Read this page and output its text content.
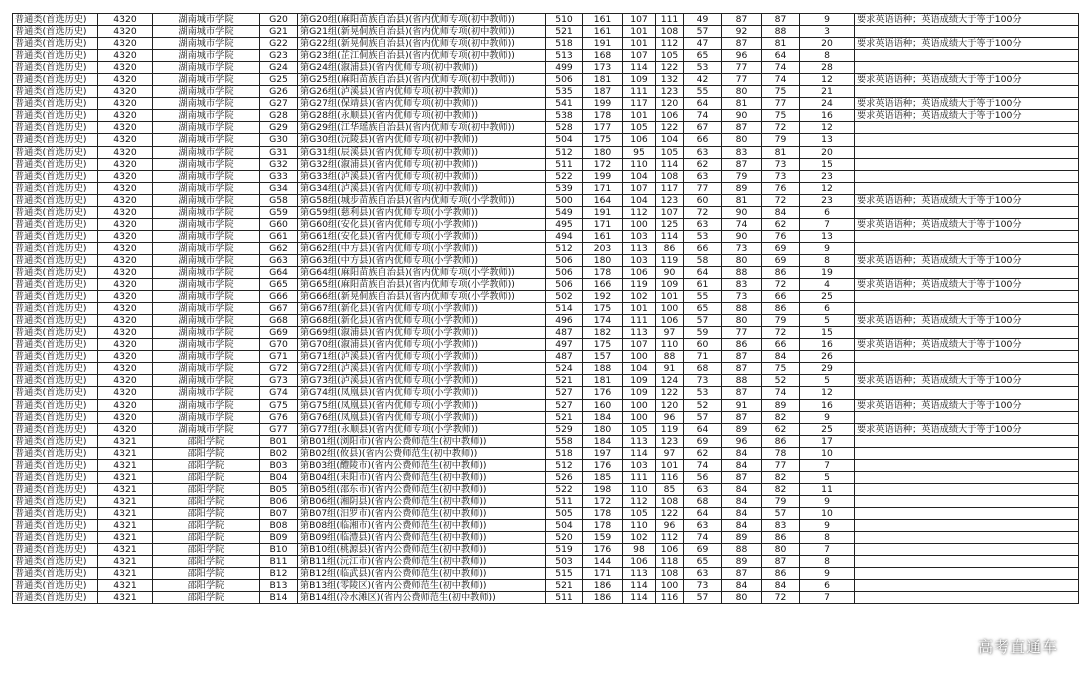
普通类(首选历史)	4320	湖南城市学院	G20	第G20组(麻阳苗族自治县)(省内优师专项(初中教师))	510	161	107	111	49	87	87	9	要求英语语种；英语成绩大于等于100分
普通类(首选历史)	4320	湖南城市学院	G21	第G21组(新晃侗族自治县)(省内优师专项(初中教师))	521	161	101	108	57	92	88	3	
普通类(首选历史)	4320	湖南城市学院	G22	第G22组(新晃侗族自治县)(省内优师专项(初中教师))	518	191	101	112	47	87	81	20	要求英语语种；英语成绩大于等于100分
普通类(首选历史)	4320	湖南城市学院	G23	第G23组(芷江侗族自治县)(省内优师专项(初中教师))	513	168	107	105	65	96	64	8	
普通类(首选历史)	4320	湖南城市学院	G24	第G24组(溆浦县)(省内优师专项(初中教师))	499	173	114	122	53	77	74	28	
普通类(首选历史)	4320	湖南城市学院	G25	第G25组(麻阳苗族自治县)(省内优师专项(初中教师))	506	181	109	132	42	77	74	12	要求英语语种；英语成绩大于等于100分
普通类(首选历史)	4320	湖南城市学院	G26	第G26组(泸溪县)(省内优师专项(初中教师))	535	187	111	123	55	80	75	21	
普通类(首选历史)	4320	湖南城市学院	G27	第G27组(保靖县)(省内优师专项(初中教师))	541	199	117	120	64	81	77	24	要求英语语种；英语成绩大于等于100分
普通类(首选历史)	4320	湖南城市学院	G28	第G28组(永顺县)(省内优师专项(初中教师))	538	178	101	106	74	90	75	16	要求英语语种；英语成绩大于等于100分
普通类(首选历史)	4320	湖南城市学院	G29	第G29组(江华瑶族自治县)(省内优师专项(初中教师))	528	177	105	122	67	87	72	12	
普通类(首选历史)	4320	湖南城市学院	G30	第G30组(沅陵县)(省内优师专项(初中教师))	504	175	106	104	66	80	79	13	
普通类(首选历史)	4320	湖南城市学院	G31	第G31组(辰溪县)(省内优师专项(初中教师))	512	180	95	105	63	83	81	20	
普通类(首选历史)	4320	湖南城市学院	G32	第G32组(溆浦县)(省内优师专项(初中教师))	511	172	110	114	62	87	73	15	
普通类(首选历史)	4320	湖南城市学院	G33	第G33组(泸溪县)(省内优师专项(初中教师))	522	199	104	108	63	79	73	23	
普通类(首选历史)	4320	湖南城市学院	G34	第G34组(泸溪县)(省内优师专项(初中教师))	539	171	107	117	77	89	76	12	
普通类(首选历史)	4320	湖南城市学院	G58	第G58组(城步苗族自治县)(省内优师专项(小学教师))	500	164	104	123	60	81	72	23	要求英语语种；英语成绩大于等于100分
普通类(首选历史)	4320	湖南城市学院	G59	第G59组(慈利县)(省内优师专项(小学教师))	549	191	112	107	72	90	84	6	
普通类(首选历史)	4320	湖南城市学院	G60	第G60组(安化县)(省内优师专项(小学教师))	495	171	100	125	63	74	62	7	要求英语语种；英语成绩大于等于100分
普通类(首选历史)	4320	湖南城市学院	G61	第G61组(安化县)(省内优师专项(小学教师))	494	161	103	114	53	90	76	13	
普通类(首选历史)	4320	湖南城市学院	G62	第G62组(中方县)(省内优师专项(小学教师))	512	203	113	86	66	73	69	9	
普通类(首选历史)	4320	湖南城市学院	G63	第G63组(中方县)(省内优师专项(小学教师))	506	180	103	119	58	80	69	8	要求英语语种；英语成绩大于等于100分
普通类(首选历史)	4320	湖南城市学院	G64	第G64组(麻阳苗族自治县)(省内优师专项(小学教师))	506	178	106	90	64	88	86	19	
普通类(首选历史)	4320	湖南城市学院	G65	第G65组(麻阳苗族自治县)(省内优师专项(小学教师))	506	166	119	109	61	83	72	4	要求英语语种；英语成绩大于等于100分
普通类(首选历史)	4320	湖南城市学院	G66	第G66组(新晃侗族自治县)(省内优师专项(小学教师))	502	192	102	101	55	73	66	25	
普通类(首选历史)	4320	湖南城市学院	G67	第G67组(新化县)(省内优师专项(小学教师))	514	175	101	100	65	88	86	6	
普通类(首选历史)	4320	湖南城市学院	G68	第G68组(新化县)(省内优师专项(小学教师))	496	174	111	106	57	80	79	5	要求英语语种；英语成绩大于等于100分
普通类(首选历史)	4320	湖南城市学院	G69	第G69组(溆浦县)(省内优师专项(小学教师))	487	182	113	97	59	77	72	15	
普通类(首选历史)	4320	湖南城市学院	G70	第G70组(溆浦县)(省内优师专项(小学教师))	497	175	107	110	60	86	66	16	要求英语语种；英语成绩大于等于100分
普通类(首选历史)	4320	湖南城市学院	G71	第G71组(泸溪县)(省内优师专项(小学教师))	487	157	100	88	71	87	84	26	
普通类(首选历史)	4320	湖南城市学院	G72	第G72组(泸溪县)(省内优师专项(小学教师))	524	188	104	91	68	87	75	29	
普通类(首选历史)	4320	湖南城市学院	G73	第G73组(泸溪县)(省内优师专项(小学教师))	521	181	109	124	73	88	52	5	要求英语语种；英语成绩大于等于100分
普通类(首选历史)	4320	湖南城市学院	G74	第G74组(凤凰县)(省内优师专项(小学教师))	527	176	109	122	53	87	74	12	
普通类(首选历史)	4320	湖南城市学院	G75	第G75组(凤凰县)(省内优师专项(小学教师))	527	160	100	120	52	91	89	16	要求英语语种；英语成绩大于等于100分
普通类(首选历史)	4320	湖南城市学院	G76	第G76组(凤凰县)(省内优师专项(小学教师))	521	184	100	96	57	87	82	9	
普通类(首选历史)	4320	湖南城市学院	G77	第G77组(永顺县)(省内优师专项(小学教师))	529	180	105	119	64	89	62	25	要求英语语种；英语成绩大于等于100分
普通类(首选历史)	4321	邵阳学院	B01	第B01组(浏阳市)(省内公费师范生(初中教师))	558	184	113	123	69	96	86	17	
普通类(首选历史)	4321	邵阳学院	B02	第B02组(攸县)(省内公费师范生(初中教师))	518	197	114	97	62	84	78	10	
普通类(首选历史)	4321	邵阳学院	B03	第B03组(醴陵市)(省内公费师范生(初中教师))	512	176	103	101	74	84	77	7	
普通类(首选历史)	4321	邵阳学院	B04	第B04组(耒阳市)(省内公费师范生(初中教师))	526	185	111	116	56	87	82	5	
普通类(首选历史)	4321	邵阳学院	B05	第B05组(邵东市)(省内公费师范生(初中教师))	522	198	110	85	63	84	82	11	
普通类(首选历史)	4321	邵阳学院	B06	第B06组(湘阴县)(省内公费师范生(初中教师))	511	172	112	108	68	84	79	9	
普通类(首选历史)	4321	邵阳学院	B07	第B07组(汨罗市)(省内公费师范生(初中教师))	505	178	105	122	64	84	57	10	
普通类(首选历史)	4321	邵阳学院	B08	第B08组(临湘市)(省内公费师范生(初中教师))	504	178	110	96	63	84	83	9	
普通类(首选历史)	4321	邵阳学院	B09	第B09组(临澧县)(省内公费师范生(初中教师))	520	159	102	112	74	89	86	8	
普通类(首选历史)	4321	邵阳学院	B10	第B10组(桃源县)(省内公费师范生(初中教师))	519	176	98	106	69	88	80	7	
普通类(首选历史)	4321	邵阳学院	B11	第B11组(沅江市)(省内公费师范生(初中教师))	503	144	106	118	65	89	87	8	
普通类(首选历史)	4321	邵阳学院	B12	第B12组(临武县)(省内公费师范生(初中教师))	515	171	113	108	63	87	86	9	
普通类(首选历史)	4321	邵阳学院	B13	第B13组(零陵区)(省内公费师范生(初中教师))	521	186	114	100	73	84	84	6	
普通类(首选历史)	4321	邵阳学院	B14	第B14组(冷水滩区)(省内公费师范生(初中教师))	511	186	114	116	57	80	72	7	
高考直通车
